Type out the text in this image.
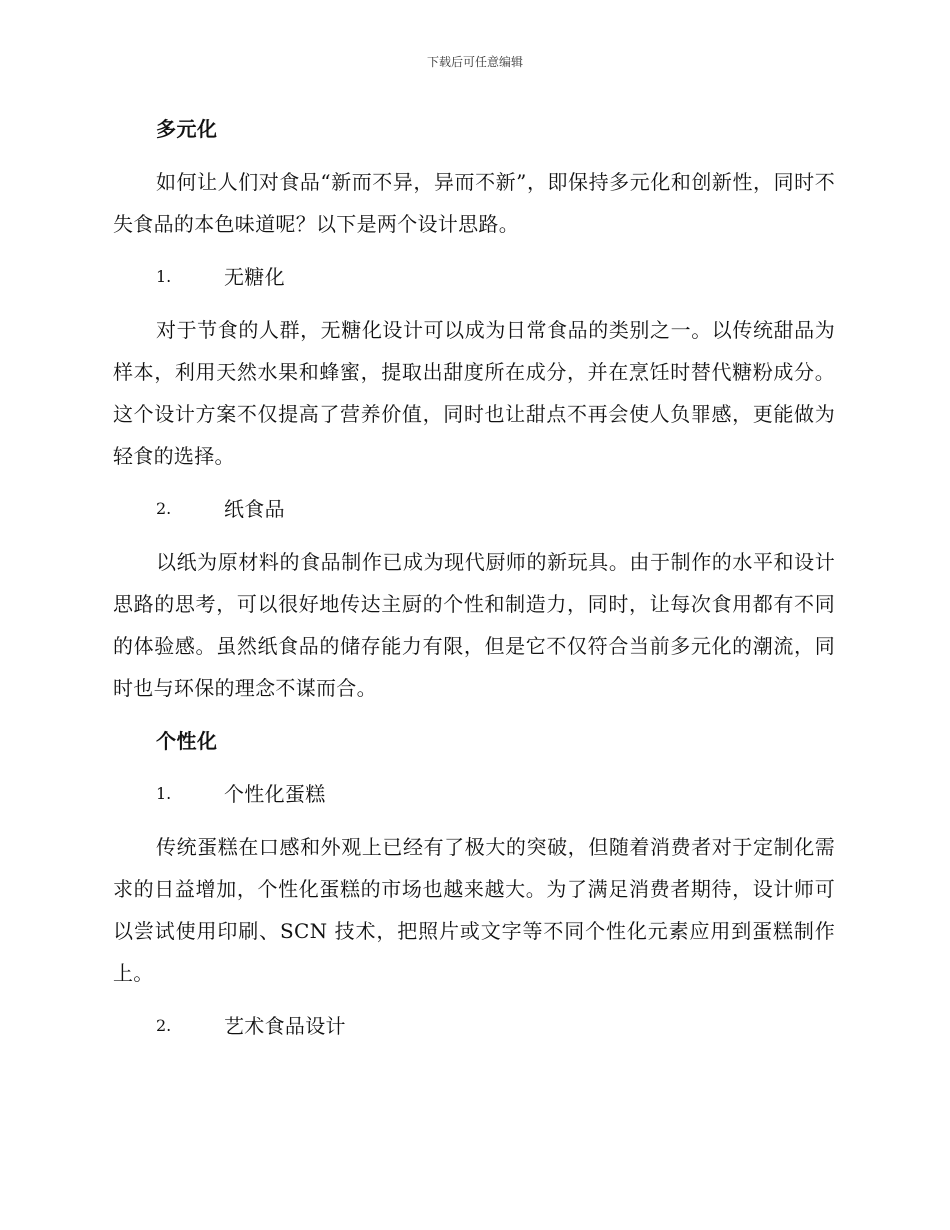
下载后可任意编辑
多元化

如何让人们对食品“新而不异，异而不新”，即保持多元化和创新性，同时不失食品的本色味道呢？以下是两个设计思路。

1.	无糖化

对于节食的人群，无糖化设计可以成为日常食品的类别之一。以传统甜品为样本，利用天然水果和蜂蜜，提取出甜度所在成分，并在烹饪时替代糖粉成分。这个设计方案不仅提高了营养价值，同时也让甜点不再会使人负罪感，更能做为轻食的选择。

2.	纸食品

以纸为原材料的食品制作已成为现代厨师的新玩具。由于制作的水平和设计思路的思考，可以很好地传达主厨的个性和制造力，同时，让每次食用都有不同的体验感。虽然纸食品的储存能力有限，但是它不仅符合当前多元化的潮流，同时也与环保的理念不谋而合。

个性化
1.	个性化蛋糕

传统蛋糕在口感和外观上已经有了极大的突破，但随着消费者对于定制化需求的日益增加，个性化蛋糕的市场也越来越大。为了满足消费者期待，设计师可以尝试使用印刷、SCN 技术，把照片或文字等不同个性化元素应用到蛋糕制作上。

2.	艺术食品设计
